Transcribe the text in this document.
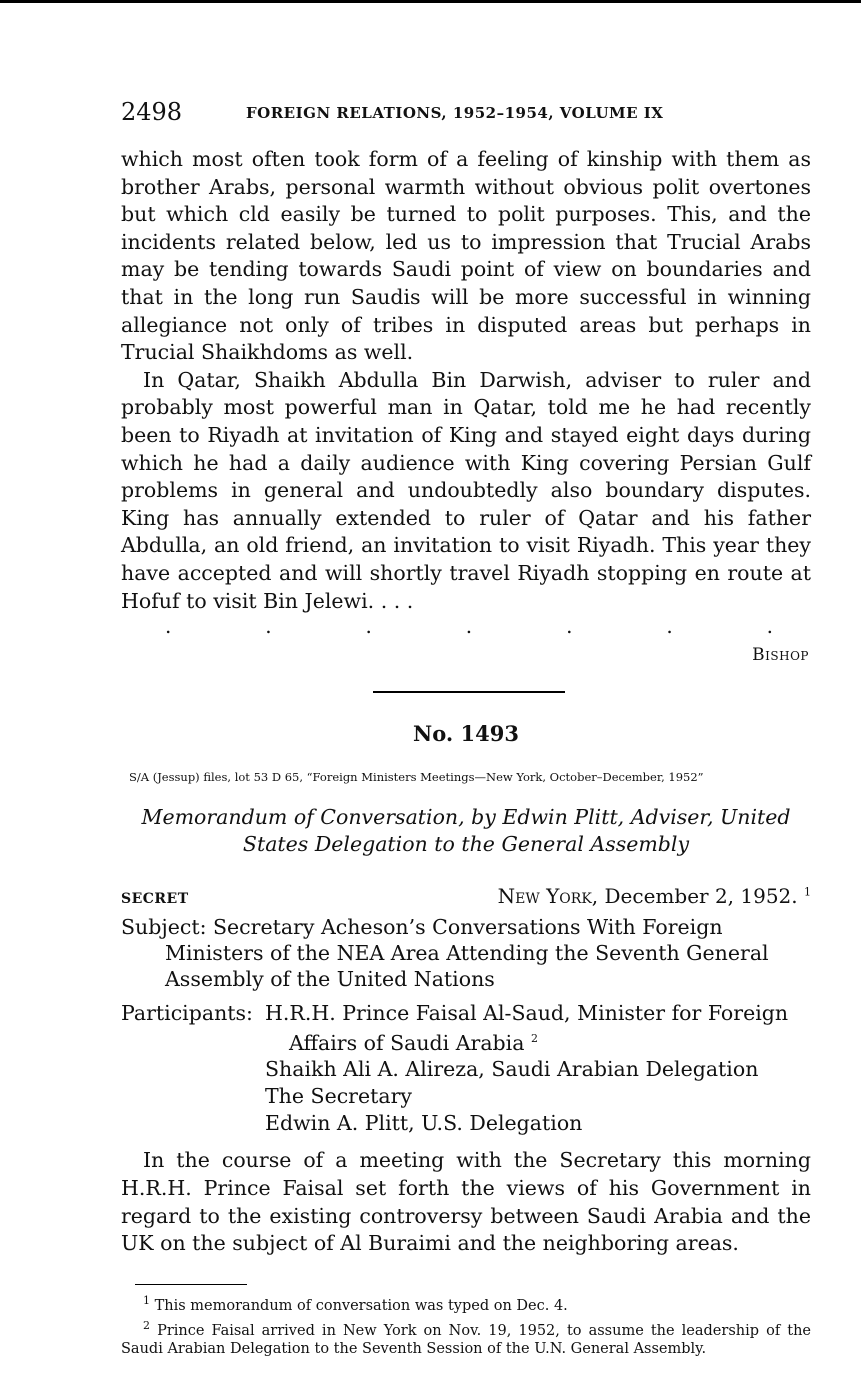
2498	FOREIGN RELATIONS, 1952–1954, VOLUME IX

which most often took form of a feeling of kinship with them as brother Arabs, personal warmth without obvious polit overtones but which cld easily be turned to polit purposes. This, and the incidents related below, led us to impression that Trucial Arabs may be tending towards Saudi point of view on boundaries and that in the long run Saudis will be more successful in winning allegiance not only of tribes in disputed areas but perhaps in Trucial Shaikhdoms as well.

In Qatar, Shaikh Abdulla Bin Darwish, adviser to ruler and probably most powerful man in Qatar, told me he had recently been to Riyadh at invitation of King and stayed eight days during which he had a daily audience with King covering Persian Gulf problems in general and undoubtedly also boundary disputes. King has annually extended to ruler of Qatar and his father Abdulla, an old friend, an invitation to visit Riyadh. This year they have accepted and will shortly travel Riyadh stopping en route at Hofuf to visit Bin Jelewi. . . .

.	.	.	.	.	.	.
Bishop
No. 1493
S/A (Jessup) files, lot 53 D 65, “Foreign Ministers Meetings—New York, October–December, 1952”
Memorandum of Conversation, by Edwin Plitt, Adviser, United States Delegation to the General Assembly
SECRET	New York, December 2, 1952. $^1$
Subject: Secretary Acheson’s Conversations With Foreign Ministers of the NEA Area Attending the Seventh General Assembly of the United Nations
Participants: H.R.H. Prince Faisal Al-Saud, Minister for Foreign Affairs of Saudi Arabia $^2$
Shaikh Ali A. Alireza, Saudi Arabian Delegation
The Secretary
Edwin A. Plitt, U.S. Delegation

In the course of a meeting with the Secretary this morning H.R.H. Prince Faisal set forth the views of his Government in regard to the existing controversy between Saudi Arabia and the UK on the subject of Al Buraimi and the neighboring areas.

$^1$ This memorandum of conversation was typed on Dec. 4.
$^2$ Prince Faisal arrived in New York on Nov. 19, 1952, to assume the leadership of the Saudi Arabian Delegation to the Seventh Session of the U.N. General Assembly.
